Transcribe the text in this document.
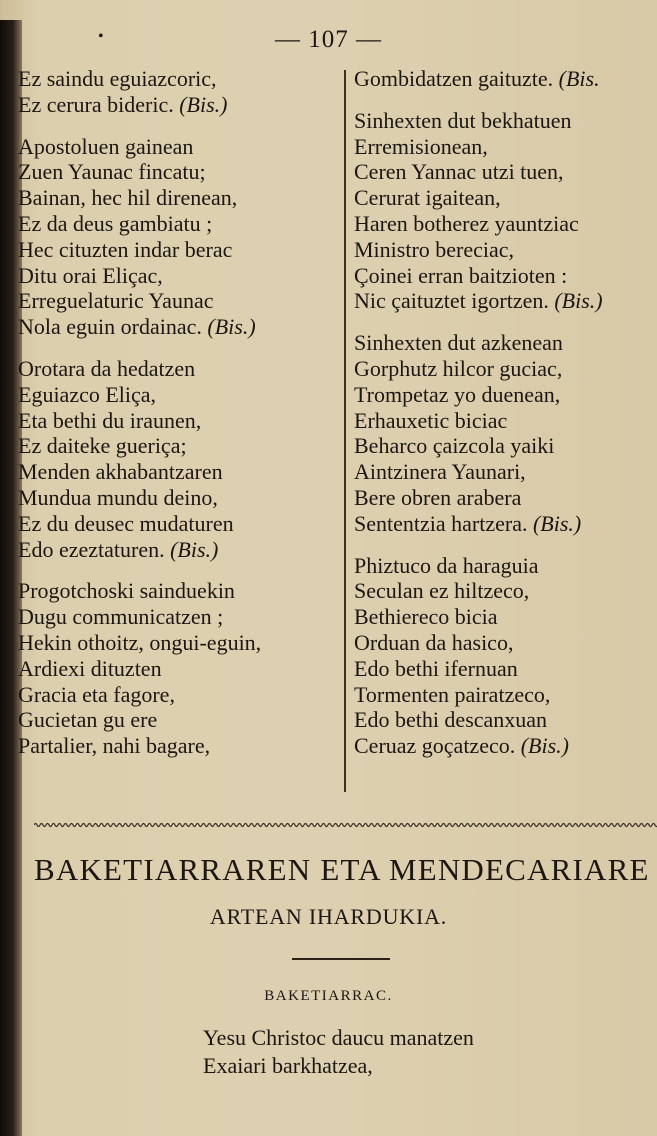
•	— 107 —
Ez saindu eguiazcoric,
Ez cerura bideric. (Bis.)
Apostoluen gainean
Zuen Yaunac fincatu;
Bainan, hec hil direnean,
Ez da deus gambiatu ;
Hec cituzten indar berac
Ditu orai Eliçac,
Erreguelaturic Yaunac
Nola eguin ordainac. (Bis.)
Orotara da hedatzen
Eguiazco Eliça,
Eta bethi du iraunen,
Ez daiteke gueriça;
Menden akhabantzaren
Mundua mundu deino,
Ez du deusec mudaturen
Edo ezeztaturen. (Bis.)
Progotchoski sainduekin
Dugu communicatzen ;
Hekin othoitz, ongui-eguin,
Ardiexi dituzten
Gracia eta fagore,
Gucietan gu ere
Partalier, nahi bagare,
Gombidatzen gaituzte. (Bis.
Sinhexten dut bekhatuen
Erremisionean,
Ceren Yannac utzi tuen,
Cerurat igaitean,
Haren botherez yauntziac
Ministro bereciac,
Çoinei erran baitzioten :
Nic çaituztet igortzen. (Bis.)
Sinhexten dut azkenean
Gorphutz hilcor guciac,
Trompetaz yo duenean,
Erhauxetic biciac
Beharco çaizcola yaiki
Aintzinera Yaunari,
Bere obren arabera
Sententzia hartzera. (Bis.)
Phiztuco da haraguia
Seculan ez hiltzeco,
Bethiereco bicia
Orduan da hasico,
Edo bethi ifernuan
Tormenten pairatzeco,
Edo bethi descanxuan
Ceruaz goçatzeco. (Bis.)
BAKETIARRAREN ETA MENDECARIARE
ARTEAN IHARDUKIA.
BAKETIARRAC.
Yesu Christoc daucu manatzen
Exaiari barkhatzea,
